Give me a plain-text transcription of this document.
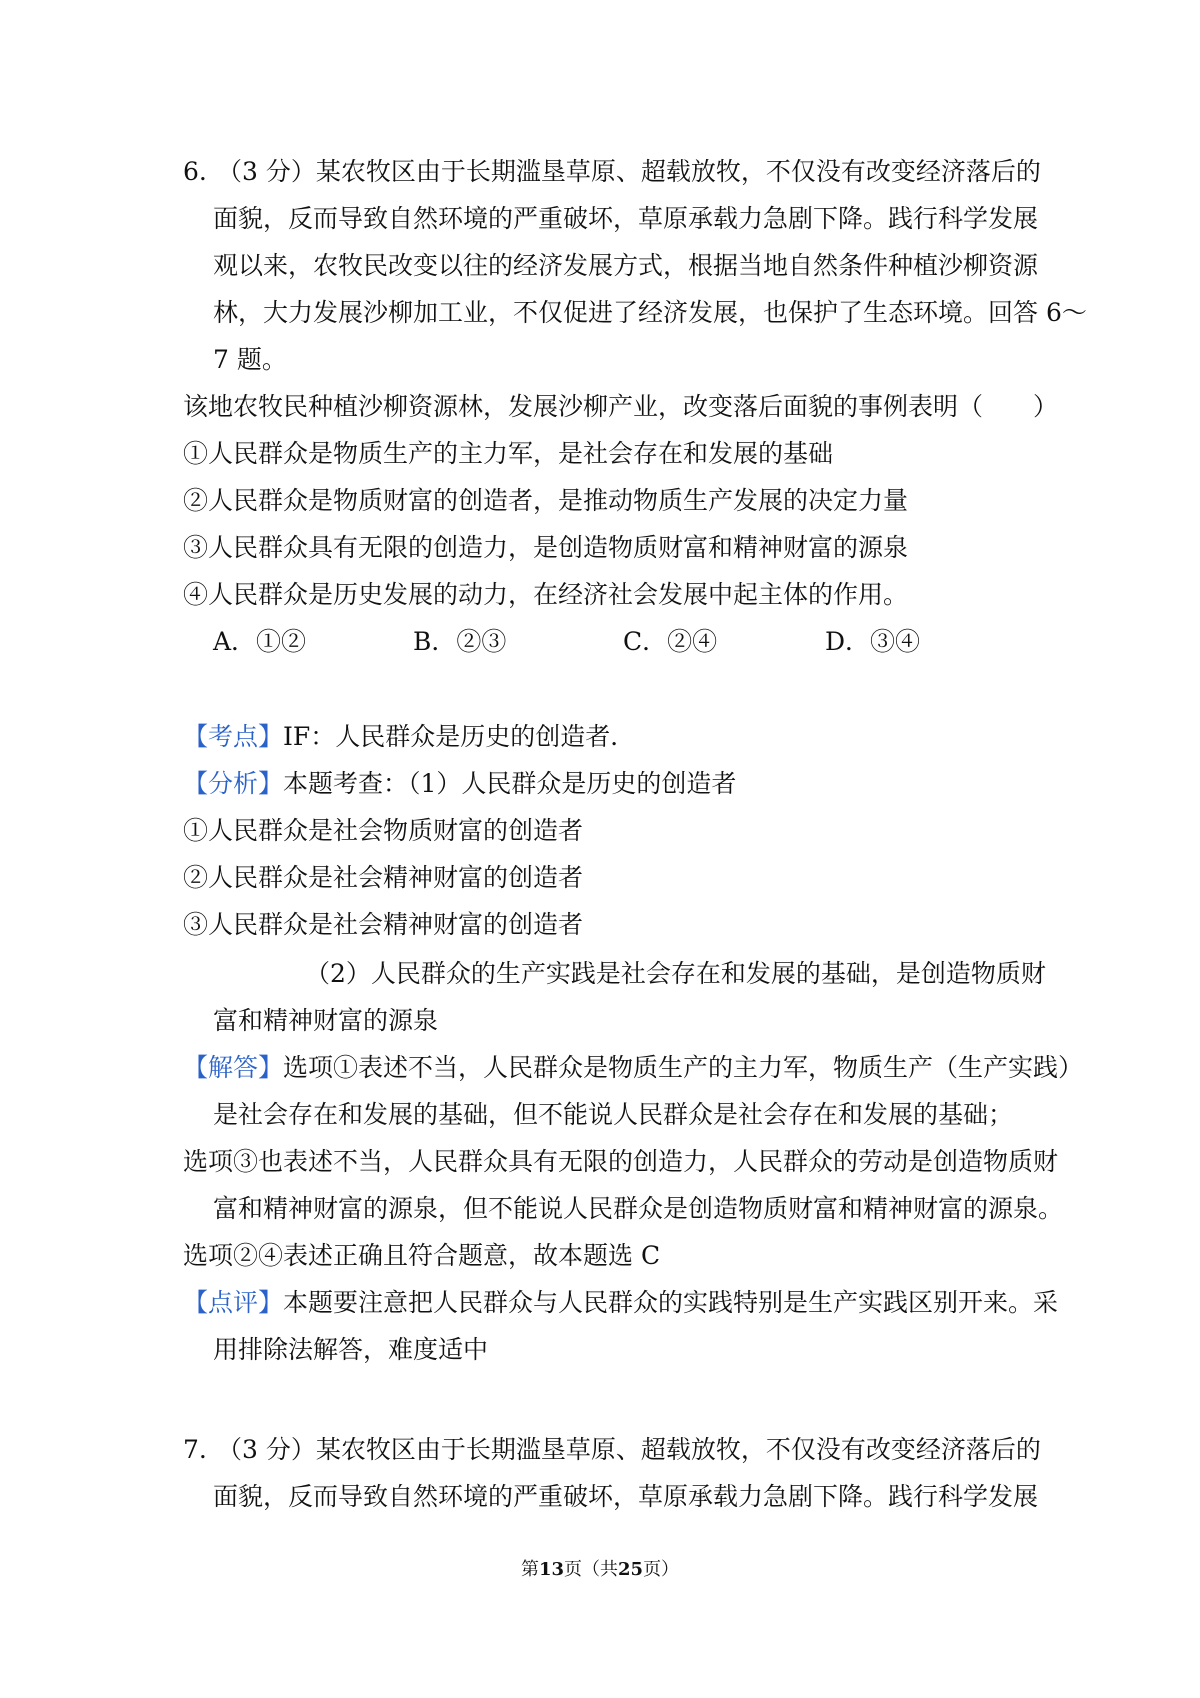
6. （3 分）某农牧区由于长期滥垦草原、超载放牧，不仅没有改变经济落后的
面貌，反而导致自然环境的严重破坏，草原承载力急剧下降。践行科学发展
观以来，农牧民改变以往的经济发展方式，根据当地自然条件种植沙柳资源
林，大力发展沙柳加工业，不仅促进了经济发展，也保护了生态环境。回答 6～
7 题。
该地农牧民种植沙柳资源林，发展沙柳产业，改变落后面貌的事例表明（　　）
①人民群众是物质生产的主力军，是社会存在和发展的基础
②人民群众是物质财富的创造者，是推动物质生产发展的决定力量
③人民群众具有无限的创造力，是创造物质财富和精神财富的源泉
④人民群众是历史发展的动力，在经济社会发展中起主体的作用。
A．①②	B．②③	C．②④	D．③④
【考点】IF：人民群众是历史的创造者．
【分析】本题考查：（1）人民群众是历史的创造者
①人民群众是社会物质财富的创造者
②人民群众是社会精神财富的创造者
③人民群众是社会精神财富的创造者
（2）人民群众的生产实践是社会存在和发展的基础，是创造物质财
富和精神财富的源泉
【解答】选项①表述不当，人民群众是物质生产的主力军，物质生产（生产实践）
是社会存在和发展的基础，但不能说人民群众是社会存在和发展的基础；
选项③也表述不当，人民群众具有无限的创造力，人民群众的劳动是创造物质财
富和精神财富的源泉，但不能说人民群众是创造物质财富和精神财富的源泉。
选项②④表述正确且符合题意，故本题选 C
【点评】本题要注意把人民群众与人民群众的实践特别是生产实践区别开来。采
用排除法解答，难度适中
7. （3 分）某农牧区由于长期滥垦草原、超载放牧，不仅没有改变经济落后的
面貌，反而导致自然环境的严重破坏，草原承载力急剧下降。践行科学发展
第13页（共25页）
